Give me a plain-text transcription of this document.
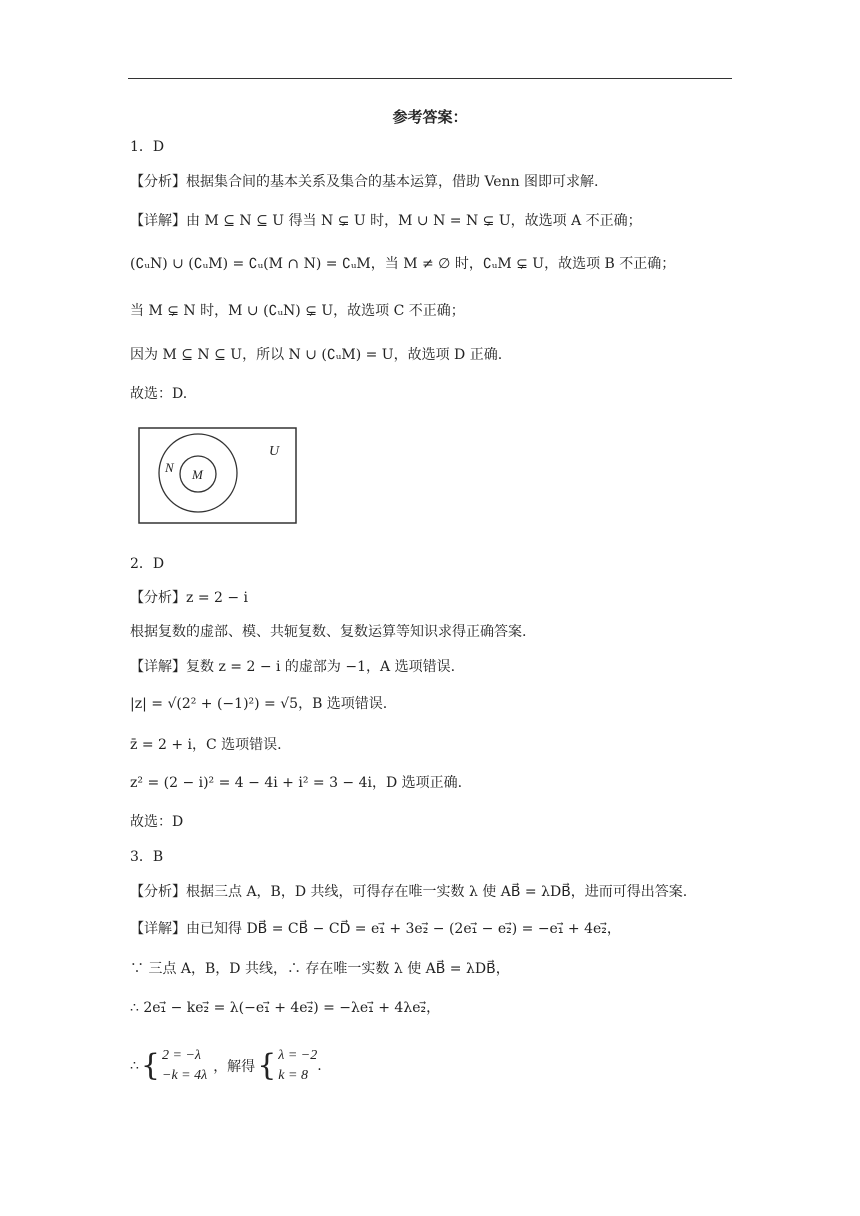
参考答案：
1．D
【分析】根据集合间的基本关系及集合的基本运算，借助 Venn 图即可求解.
【详解】由 M ⊆ N ⊆ U 得当 N ⊊ U 时，M ∪ N = N ⊊ U，故选项 A 不正确；
(∁ᵤN) ∪ (∁ᵤM) = ∁ᵤ(M ∩ N) = ∁ᵤM，当 M ≠ ∅ 时，∁ᵤM ⊊ U，故选项 B 不正确；
当 M ⊊ N 时，M ∪ (∁ᵤN) ⊊ U，故选项 C 不正确；
因为 M ⊆ N ⊆ U，所以 N ∪ (∁ᵤM) = U，故选项 D 正确.
故选：D.
2．D
【分析】z = 2 − i
根据复数的虚部、模、共轭复数、复数运算等知识求得正确答案.
【详解】复数 z = 2 − i 的虚部为 −1，A 选项错误.
|z| = √(2² + (−1)²) = √5，B 选项错误.
z̄ = 2 + i，C 选项错误.
z² = (2 − i)² = 4 − 4i + i² = 3 − 4i，D 选项正确.
故选：D
3．B
【分析】根据三点 A，B，D 共线，可得存在唯一实数 λ 使 AB⃗ = λDB⃗，进而可得出答案.
【详解】由已知得 DB⃗ = CB⃗ − CD⃗ = e₁⃗ + 3e₂⃗ − (2e₁⃗ − e₂⃗) = −e₁⃗ + 4e₂⃗，
∵ 三点 A，B，D 共线，∴ 存在唯一实数 λ 使 AB⃗ = λDB⃗，
∴ 2e₁⃗ − ke₂⃗ = λ(−e₁⃗ + 4e₂⃗) = −λe₁⃗ + 4λe₂⃗，
U
N M
∴ { 2 = −λ
−k = 4λ
，解得 { λ = −2
k = 8
.
